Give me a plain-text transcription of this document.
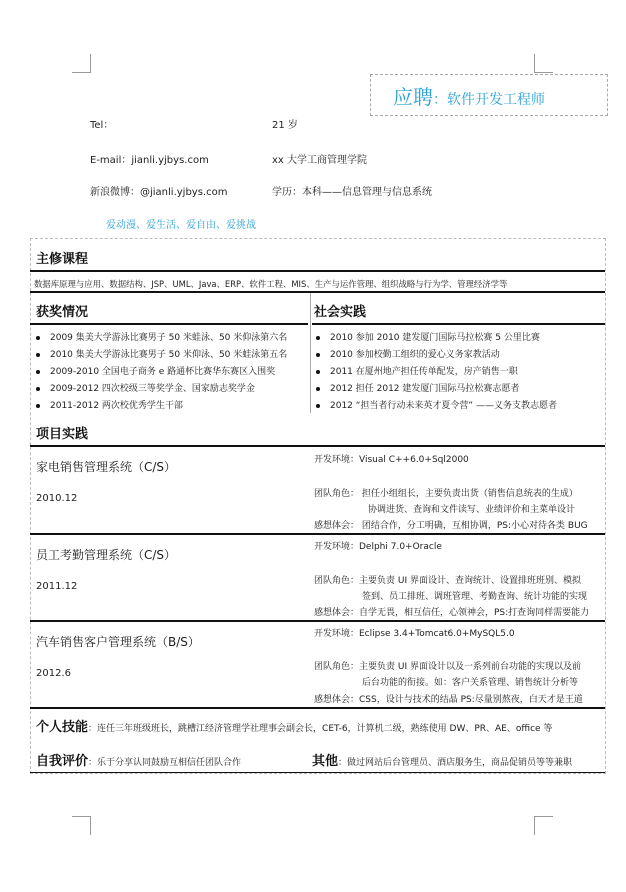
应聘：软件开发工程师
Tel：	21 岁
E-mail：jianli.yjbys.com	xx 大学工商管理学院
新浪微博：@jianli.yjbys.com	学历：本科——信息管理与信息系统
爱动漫、爱生活、爱自由、爱挑战
主修课程
数据库原理与应用、数据结构、JSP、UML、Java、ERP、软件工程、MIS、生产与运作管理、组织战略与行为学、管理经济学等
获奖情况	社会实践
2009 集美大学游泳比赛男子 50 米蛙泳、50 米仰泳第六名
2010 集美大学游泳比赛男子 50 米仰泳、50 米蛙泳第五名
2009-2010 全国电子商务 e 路通杯比赛华东赛区入围奖
2009-2012 四次校级三等奖学金、国家励志奖学金
2011-2012 两次校优秀学生干部
2010 参加 2010 建发厦门国际马拉松赛 5 公里比赛
2010 参加校勤工组织的爱心义务家教活动
2011 在厦州地产担任传单配发，房产销售一职
2012 担任 2012 建发厦门国际马拉松赛志愿者
2012 “担当者行动未来英才夏令营” ——义务支教志愿者
项目实践
家电销售管理系统（C/S）
2010.12
开发环境：Visual C++6.0+Sql2000
团队角色： 担任小组组长，主要负责出货（销售信息统表的生成）
协调进货、查询和文件读写、业绩评价和主菜单设计
感想体会： 团结合作，分工明确，互相协调，PS:小心对待各类 BUG
员工考勤管理系统（C/S）
2011.12
开发环境：Delphi 7.0+Oracle
团队角色：主要负责 UI 界面设计、查询统计、设置排班班别、模拟
签到、员工排班、调班管理、考勤查询、统计功能的实现
感想体会：自学无畏，相互信任，心领神会，PS:打查询同样需要能力
汽车销售客户管理系统（B/S）
2012.6
开发环境：Eclipse 3.4+Tomcat6.0+MySQL5.0
团队角色：主要负责 UI 界面设计以及一系列前台功能的实现以及前
后台功能的衔接。如：客户关系管理、销售统计分析等
感想体会：CSS，设计与技术的结晶 PS:尽量别熬夜，白天才是王道
个人技能：连任三年班级班长，跳槽江经济管理学社理事会副会长，CET-6，计算机二级，熟练使用 DW、PR、AE、office 等
自我评价：乐于分享认同鼓励互相信任团队合作	其他：做过网站后台管理员、酒店服务生，商品促销员等等兼职
